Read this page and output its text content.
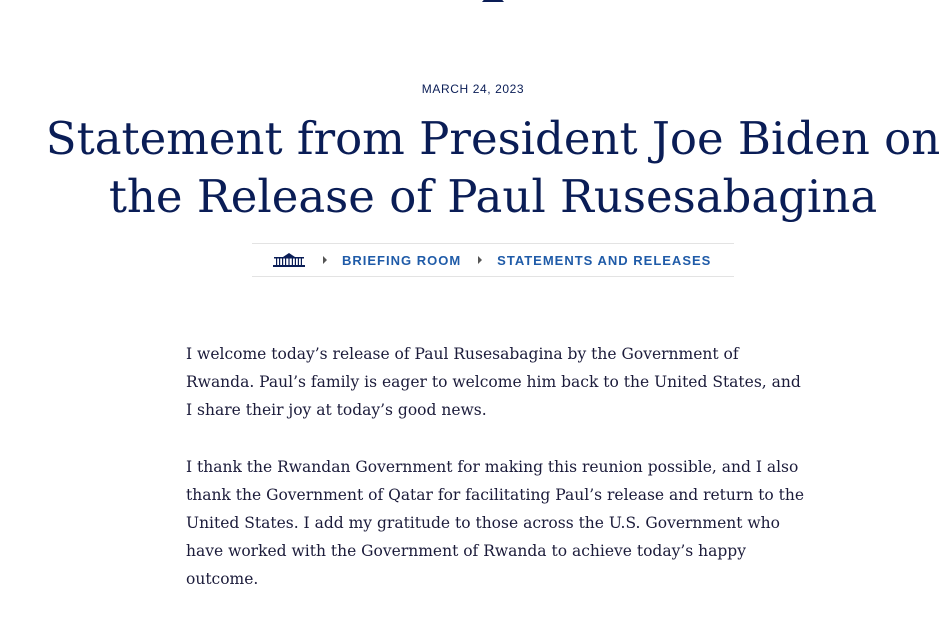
MARCH 24, 2023
Statement from President Joe Biden on the Release of Paul Rusesabagina
BRIEFING ROOM	STATEMENTS AND RELEASES

I welcome today’s release of Paul Rusesabagina by the Government of Rwanda. Paul’s family is eager to welcome him back to the United States, and I share their joy at today’s good news.

I thank the Rwandan Government for making this reunion possible, and I also thank the Government of Qatar for facilitating Paul’s release and return to the United States. I add my gratitude to those across the U.S. Government who have worked with the Government of Rwanda to achieve today’s happy outcome.
